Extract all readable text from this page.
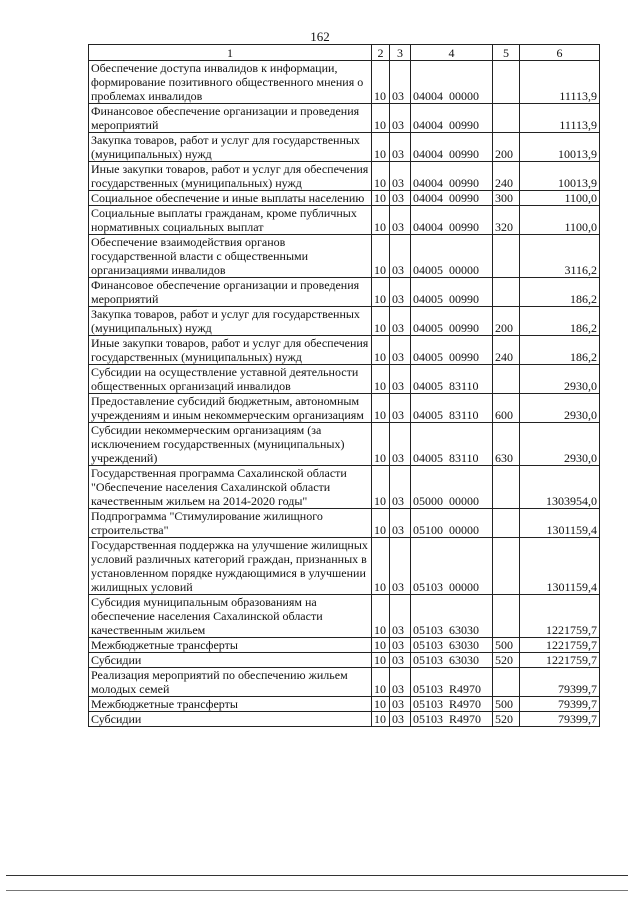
162
1	2	3	4	5	6
Обеспечение доступа инвалидов к информации, формирование позитивного общественного мнения о проблемах инвалидов	10	03	04004  00000		11113,9
Финансовое обеспечение организации и проведения мероприятий	10	03	04004  00990		11113,9
Закупка товаров, работ и услуг для государственных (муниципальных) нужд	10	03	04004  00990	200	10013,9
Иные закупки товаров, работ и услуг для обеспечения государственных (муниципальных) нужд	10	03	04004  00990	240	10013,9
Социальное обеспечение и иные выплаты населению	10	03	04004  00990	300	1100,0
Социальные выплаты гражданам, кроме публичных нормативных социальных выплат	10	03	04004  00990	320	1100,0
Обеспечение взаимодействия органов государственной власти с общественными организациями инвалидов	10	03	04005  00000		3116,2
Финансовое обеспечение организации и проведения мероприятий	10	03	04005  00990		186,2
Закупка товаров, работ и услуг для государственных (муниципальных) нужд	10	03	04005  00990	200	186,2
Иные закупки товаров, работ и услуг для обеспечения государственных (муниципальных) нужд	10	03	04005  00990	240	186,2
Субсидии на осуществление уставной деятельности общественных организаций инвалидов	10	03	04005  83110		2930,0
Предоставление субсидий бюджетным, автономным учреждениям и иным некоммерческим организациям	10	03	04005  83110	600	2930,0
Субсидии некоммерческим организациям (за исключением государственных (муниципальных) учреждений)	10	03	04005  83110	630	2930,0
Государственная программа Сахалинской области "Обеспечение населения Сахалинской области качественным жильем на 2014-2020 годы"	10	03	05000  00000		1303954,0
Подпрограмма "Стимулирование жилищного строительства"	10	03	05100  00000		1301159,4
Государственная поддержка на улучшение жилищных условий различных категорий граждан, признанных в установленном порядке нуждающимися в улучшении жилищных условий	10	03	05103  00000		1301159,4
Субсидия муниципальным образованиям на обеспечение населения Сахалинской области качественным жильем	10	03	05103  63030		1221759,7
Межбюджетные трансферты	10	03	05103  63030	500	1221759,7
Субсидии	10	03	05103  63030	520	1221759,7
Реализация мероприятий по обеспечению жильем молодых семей	10	03	05103  R4970		79399,7
Межбюджетные трансферты	10	03	05103  R4970	500	79399,7
Субсидии	10	03	05103  R4970	520	79399,7
